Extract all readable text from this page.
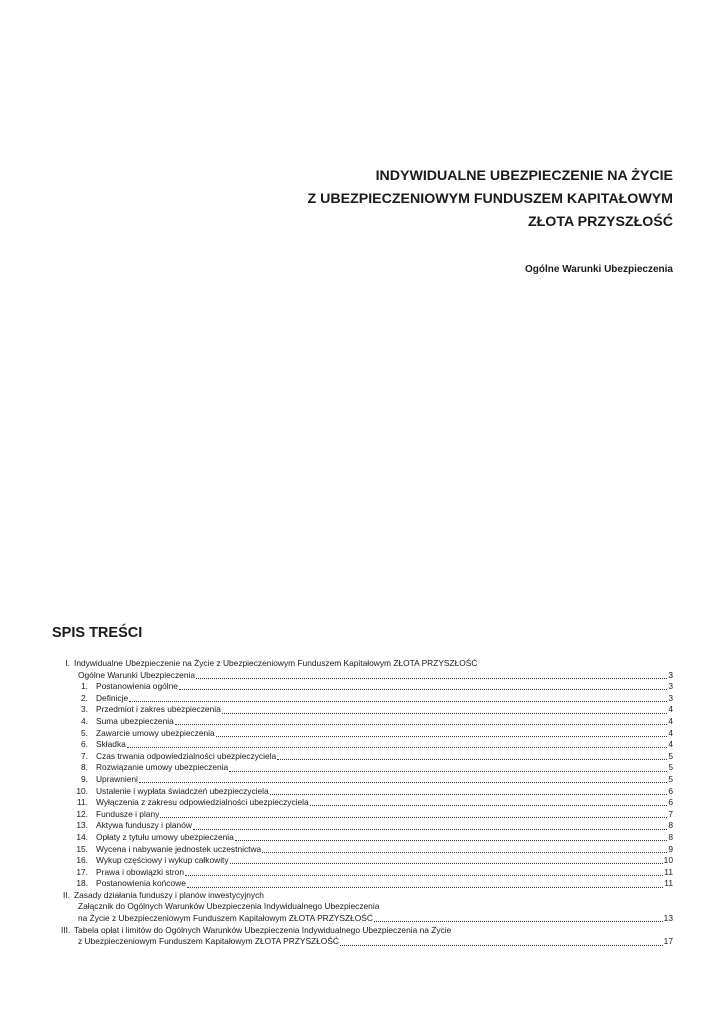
INDYWIDUALNE UBEZPIECZENIE NA ŻYCIE
Z UBEZPIECZENIOWYM FUNDUSZEM KAPITAŁOWYM
ZŁOTA PRZYSZŁOŚĆ
Ogólne Warunki Ubezpieczenia
SPIS TREŚCI
I. Indywidualne Ubezpieczenie na Życie z Ubezpieczeniowym Funduszem Kapitałowym ZŁOTA PRZYSZŁOŚĆ
Ogólne Warunki Ubezpieczenia	3
1. Postanowienia ogólne	3
2. Definicje	3
3. Przedmiot i zakres ubezpieczenia	4
4. Suma ubezpieczenia	4
5. Zawarcie umowy ubezpieczenia	4
6. Składka	4
7. Czas trwania odpowiedzialności ubezpieczyciela	5
8. Rozwiązanie umowy ubezpieczenia	5
9. Uprawnieni	5
10. Ustalenie i wypłata świadczeń ubezpieczyciela	6
11. Wyłączenia z zakresu odpowiedzialności ubezpieczyciela	6
12. Fundusze i plany	7
13. Aktywa funduszy i planów	8
14. Opłaty z tytułu umowy ubezpieczenia	8
15. Wycena i nabywanie jednostek uczestnictwa	9
16. Wykup częściowy i wykup całkowity	10
17. Prawa i obowiązki stron	11
18. Postanowienia końcowe	11
II. Zasady działania funduszy i planów inwestycyjnych
Załącznik do Ogólnych Warunków Ubezpieczenia Indywidualnego Ubezpieczenia
na Życie z Ubezpieczeniowym Funduszem Kapitałowym ZŁOTA PRZYSZŁOŚĆ	13
III. Tabela opłat i limitów do Ogólnych Warunków Ubezpieczenia Indywidualnego Ubezpieczenia na Życie
z Ubezpieczeniowym Funduszem Kapitałowym ZŁOTA PRZYSZŁOŚĆ	17
